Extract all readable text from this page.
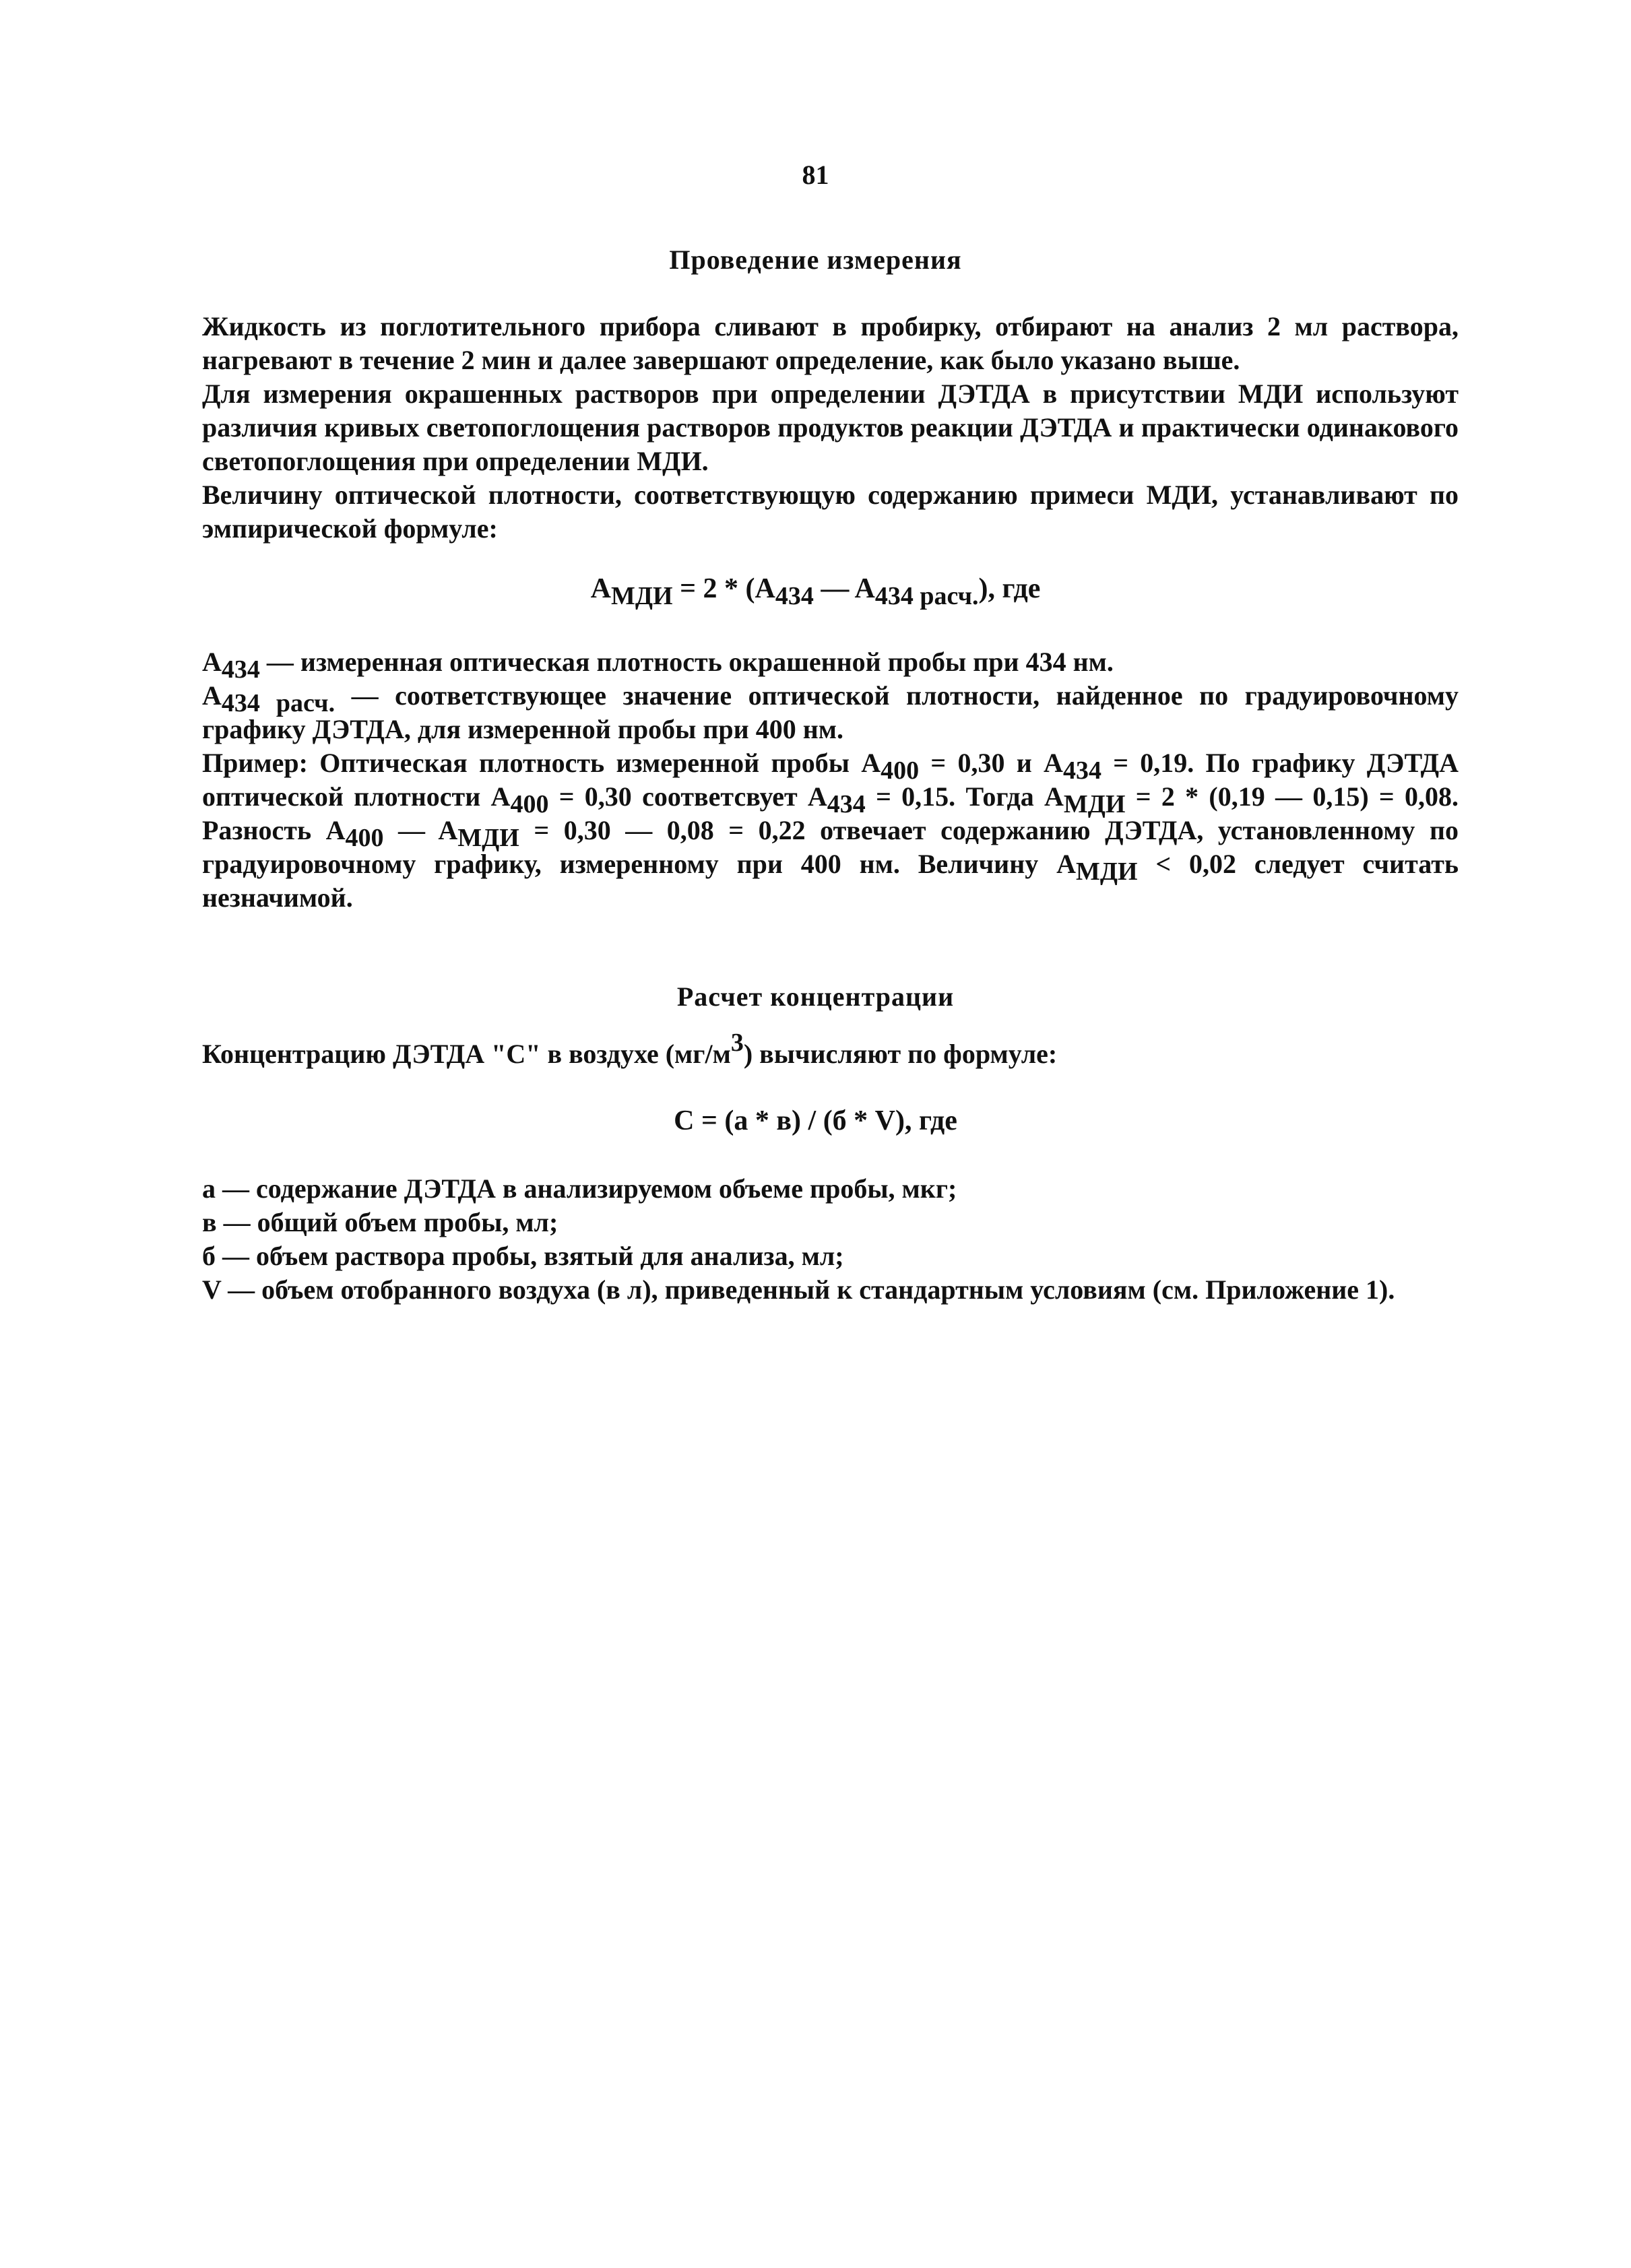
81
Проведение измерения

Жидкость из поглотительного прибора сливают в пробирку, отбирают на анализ 2 мл раствора, нагревают в течение 2 мин и далее завершают определение, как было указано выше.

Для измерения окрашенных растворов при определении ДЭТДА в присутствии МДИ используют различия кривых светопоглощения растворов продуктов реакции ДЭТДА и практически одинакового светопоглощения при определении МДИ.

Величину оптической плотности, соответствующую содержанию примеси МДИ, устанавливают по эмпирической формуле:

$A_{МДИ} = 2 * (A_{434}$ — $A_{434 расч.}$), где

$A_{434}$ — измеренная оптическая плотность окрашенной пробы при 434 нм.

$A_{434 расч.}$ — соответствующее значение оптической плотности, найденное по градуировочному графику ДЭТДА, для измеренной пробы при 400 нм.

Пример: Оптическая плотность измеренной пробы $A_{400} = 0,30$ и $A_{434} = 0,19$. По графику ДЭТДА оптической плотности $A_{400} = 0,30$ соответсвует $A_{434} = 0,15$. Тогда $A_{МДИ} = 2 * (0,19$ — 0,15) = 0,08. Разность $A_{400}$ — $A_{МДИ} = 0,30$ — 0,08 = 0,22 отвечает содержанию ДЭТДА, установленному по градуировочному графику, измеренному при 400 нм. Величину $A_{МДИ} < 0,02$ следует считать незначимой.

Расчет концентрации

Концентрацию ДЭТДА "С" в воздухе $(мг/м^3)$ вычисляют по формуле:

С = (а * в) / (б * V), где

а — содержание ДЭТДА в анализируемом объеме пробы, мкг;

в — общий объем пробы, мл;

б — объем раствора пробы, взятый для анализа, мл;

V — объем отобранного воздуха (в л), приведенный к стандартным условиям (см. Приложение 1).
